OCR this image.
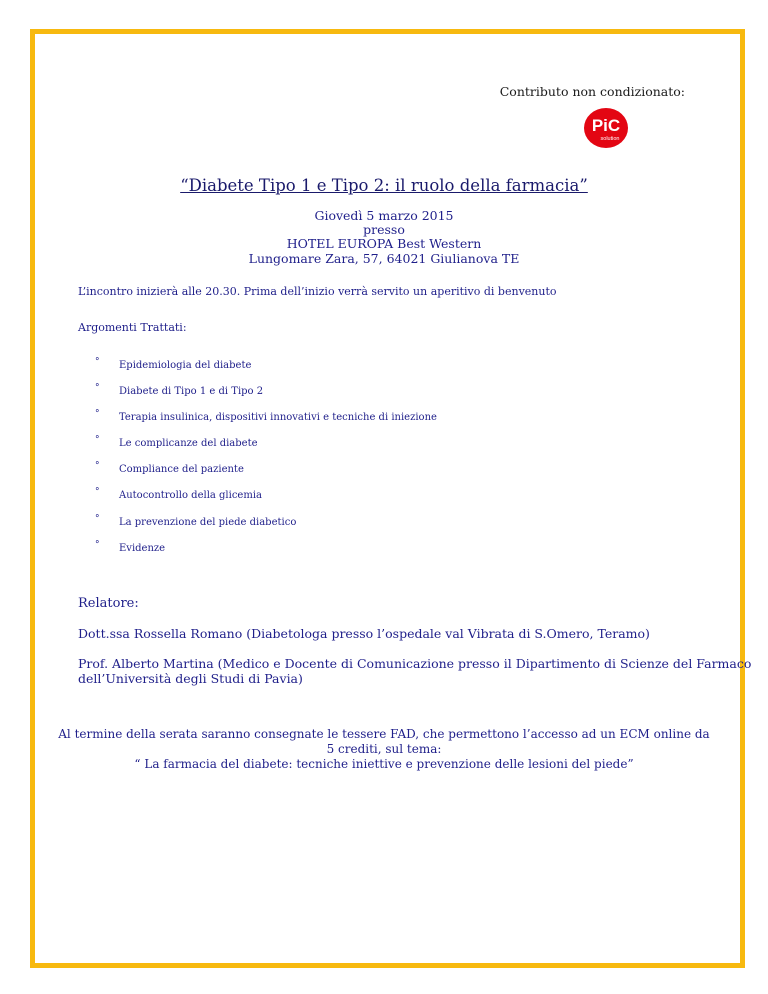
Contributo non condizionato:
PiC
solution
“Diabete Tipo 1 e Tipo 2: il ruolo della farmacia”
Giovedì 5 marzo 2015
presso
HOTEL EUROPA Best Western
Lungomare Zara, 57, 64021 Giulianova TE
L’incontro inizierà alle 20.30. Prima dell’inizio verrà servito un aperitivo di benvenuto
Argomenti Trattati:
° Epidemiologia del diabete
° Diabete di Tipo 1 e di Tipo 2
° Terapia insulinica, dispositivi innovativi e tecniche di iniezione
° Le complicanze del diabete
° Compliance del paziente
° Autocontrollo della glicemia
° La prevenzione del piede diabetico
° Evidenze
Relatore:
Dott.ssa Rossella Romano (Diabetologa presso l’ospedale val Vibrata di S.Omero, Teramo)
Prof. Alberto Martina (Medico e Docente di Comunicazione presso il Dipartimento di Scienze del Farmaco
dell’Università degli Studi di Pavia)
Al termine della serata saranno consegnate le tessere FAD, che permettono l’accesso ad un ECM online da
5 crediti, sul tema:
“ La farmacia del diabete: tecniche iniettive e prevenzione delle lesioni del piede”
